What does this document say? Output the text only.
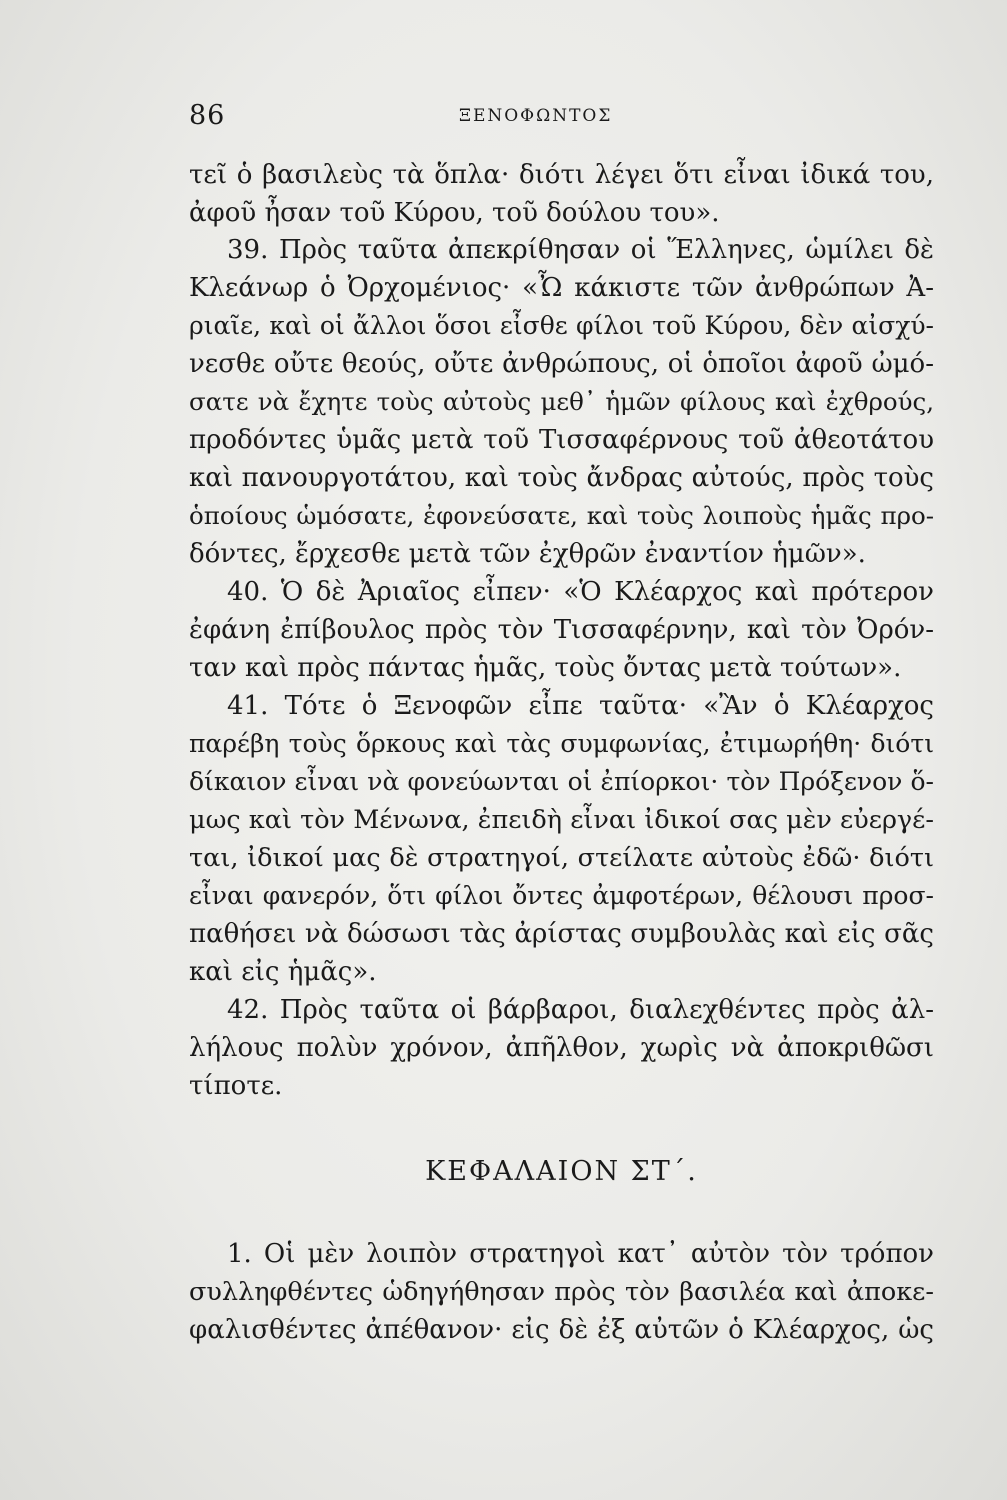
86	ΞΕΝΟΦΩΝΤΟΣ
τεῖ ὁ βασιλεὺς τὰ ὅπλα· διότι λέγει ὅτι εἶναι ἰδικά του,
ἀφοῦ ἦσαν τοῦ Κύρου, τοῦ δούλου του».
39. Πρὸς ταῦτα ἀπεκρίθησαν οἱ Ἕλληνες, ὡμίλει δὲ
Κλεάνωρ ὁ Ὀρχομένιος· «Ὦ κάκιστε τῶν ἀνθρώπων Ἀ-
ριαῖε, καὶ οἱ ἄλλοι ὅσοι εἶσθε φίλοι τοῦ Κύρου, δὲν αἰσχύ-
νεσθε οὔτε θεούς, οὔτε ἀνθρώπους, οἱ ὁποῖοι ἀφοῦ ὠμό-
σατε νὰ ἔχητε τοὺς αὐτοὺς μεθ᾽ ἡμῶν φίλους καὶ ἐχθρούς,
προδόντες ὑμᾶς μετὰ τοῦ Τισσαφέρνους τοῦ ἀθεοτάτου
καὶ πανουργοτάτου, καὶ τοὺς ἄνδρας αὐτούς, πρὸς τοὺς
ὁποίους ὡμόσατε, ἐφονεύσατε, καὶ τοὺς λοιποὺς ἡμᾶς προ-
δόντες, ἔρχεσθε μετὰ τῶν ἐχθρῶν ἐναντίον ἡμῶν».
40. Ὁ δὲ Ἀριαῖος εἶπεν· «Ὁ Κλέαρχος καὶ πρότερον
ἐφάνη ἐπίβουλος πρὸς τὸν Τισσαφέρνην, καὶ τὸν Ὀρόν-
ταν καὶ πρὸς πάντας ἡμᾶς, τοὺς ὄντας μετὰ τούτων».
41. Τότε ὁ Ξενοφῶν εἶπε ταῦτα· «Ἂν ὁ Κλέαρχος
παρέβη τοὺς ὅρκους καὶ τὰς συμφωνίας, ἐτιμωρήθη· διότι
δίκαιον εἶναι νὰ φονεύωνται οἱ ἐπίορκοι· τὸν Πρόξενον ὅ-
μως καὶ τὸν Μένωνα, ἐπειδὴ εἶναι ἰδικοί σας μὲν εὐεργέ-
ται, ἰδικοί μας δὲ στρατηγοί, στείλατε αὐτοὺς ἐδῶ· διότι
εἶναι φανερόν, ὅτι φίλοι ὄντες ἀμφοτέρων, θέλουσι προσ-
παθήσει νὰ δώσωσι τὰς ἀρίστας συμβουλὰς καὶ εἰς σᾶς
καὶ εἰς ἡμᾶς».
42. Πρὸς ταῦτα οἱ βάρβαροι, διαλεχθέντες πρὸς ἀλ-
λήλους πολὺν χρόνον, ἀπῆλθον, χωρὶς νὰ ἀποκριθῶσι
τίποτε.
ΚΕΦΑΛΑΙΟΝ ΣΤ΄.
1. Οἱ μὲν λοιπὸν στρατηγοὶ κατ᾽ αὐτὸν τὸν τρόπον
συλληφθέντες ὡδηγήθησαν πρὸς τὸν βασιλέα καὶ ἀποκε-
φαλισθέντες ἀπέθανον· εἰς δὲ ἐξ αὐτῶν ὁ Κλέαρχος, ὡς
